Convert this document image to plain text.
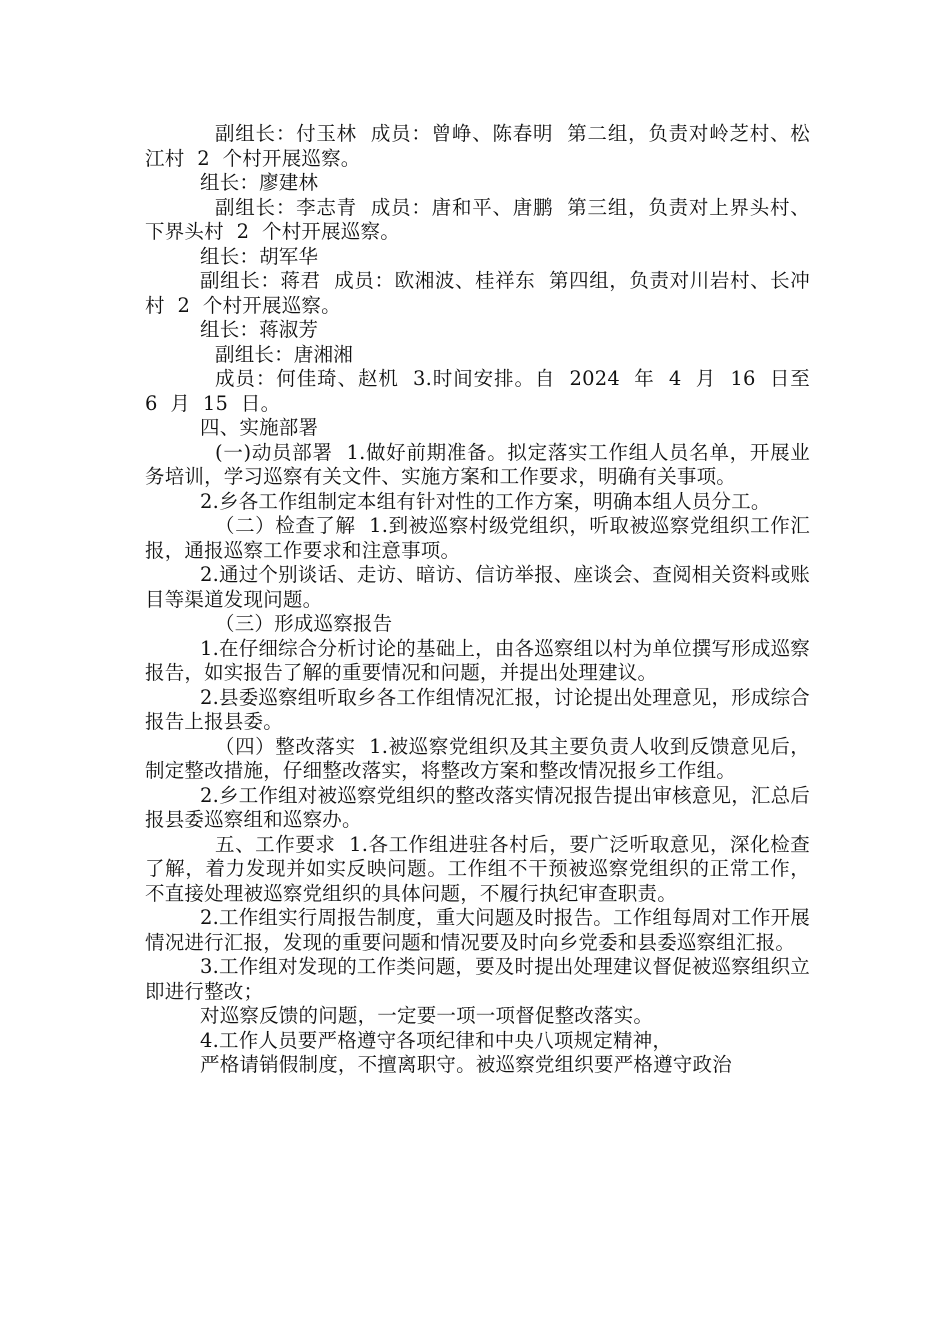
副组长：付玉林  成员：曾峥、陈春明  第二组，负责对岭芝村、松江村  2  个村开展巡察。

组长：廖建林

副组长：李志青  成员：唐和平、唐鹏  第三组，负责对上界头村、下界头村  2  个村开展巡察。

组长：胡军华

副组长：蒋君  成员：欧湘波、桂祥东  第四组，负责对川岩村、长冲村  2  个村开展巡察。

组长：蒋淑芳

副组长：唐湘湘

成员：何佳琦、赵机  3.时间安排。自  2024  年  4  月  16  日至  6  月  15  日。

四、实施部署

(一)动员部署  1.做好前期准备。拟定落实工作组人员名单，开展业务培训，学习巡察有关文件、实施方案和工作要求，明确有关事项。

2.乡各工作组制定本组有针对性的工作方案，明确本组人员分工。

（二）检查了解  1.到被巡察村级党组织，听取被巡察党组织工作汇报，通报巡察工作要求和注意事项。

2.通过个别谈话、走访、暗访、信访举报、座谈会、查阅相关资料或账目等渠道发现问题。

（三）形成巡察报告

1.在仔细综合分析讨论的基础上，由各巡察组以村为单位撰写形成巡察报告，如实报告了解的重要情况和问题，并提出处理建议。

2.县委巡察组听取乡各工作组情况汇报，讨论提出处理意见，形成综合报告上报县委。

（四）整改落实  1.被巡察党组织及其主要负责人收到反馈意见后，制定整改措施，仔细整改落实，将整改方案和整改情况报乡工作组。

2.乡工作组对被巡察党组织的整改落实情况报告提出审核意见，汇总后报县委巡察组和巡察办。

五、工作要求  1.各工作组进驻各村后，要广泛听取意见，深化检查了解，着力发现并如实反映问题。工作组不干预被巡察党组织的正常工作，不直接处理被巡察党组织的具体问题，不履行执纪审查职责。

2.工作组实行周报告制度，重大问题及时报告。工作组每周对工作开展情况进行汇报，发现的重要问题和情况要及时向乡党委和县委巡察组汇报。

3.工作组对发现的工作类问题，要及时提出处理建议督促被巡察组织立即进行整改；

对巡察反馈的问题，一定要一项一项督促整改落实。

4.工作人员要严格遵守各项纪律和中央八项规定精神，

严格请销假制度，不擅离职守。被巡察党组织要严格遵守政治
